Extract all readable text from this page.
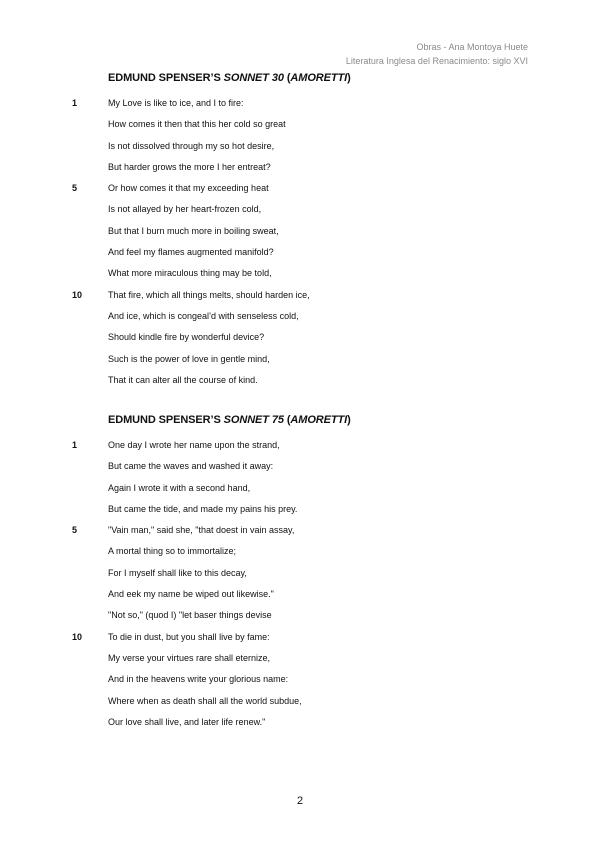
Obras - Ana Montoya Huete
Literatura Inglesa del Renacimiento: siglo XVI
EDMUND SPENSER’S SONNET 30 (AMORETTI)
1	My Love is like to ice, and I to fire:
How comes it then that this her cold so great
Is not dissolved through my so hot desire,
But harder grows the more I her entreat?
5	Or how comes it that my exceeding heat
Is not allayed by her heart-frozen cold,
But that I burn much more in boiling sweat,
And feel my flames augmented manifold?
What more miraculous thing may be told,
10	That fire, which all things melts, should harden ice,
And ice, which is congeal’d with senseless cold,
Should kindle fire by wonderful device?
Such is the power of love in gentle mind,
That it can alter all the course of kind.
EDMUND SPENSER’S SONNET 75 (AMORETTI)
1	One day I wrote her name upon the strand,
But came the waves and washed it away:
Again I wrote it with a second hand,
But came the tide, and made my pains his prey.
5	"Vain man," said she, "that doest in vain assay,
A mortal thing so to immortalize;
For I myself shall like to this decay,
And eek my name be wiped out likewise."
"Not so," (quod I) "let baser things devise
10	To die in dust, but you shall live by fame:
My verse your virtues rare shall eternize,
And in the heavens write your glorious name:
Where when as death shall all the world subdue,
Our love shall live, and later life renew."
2
